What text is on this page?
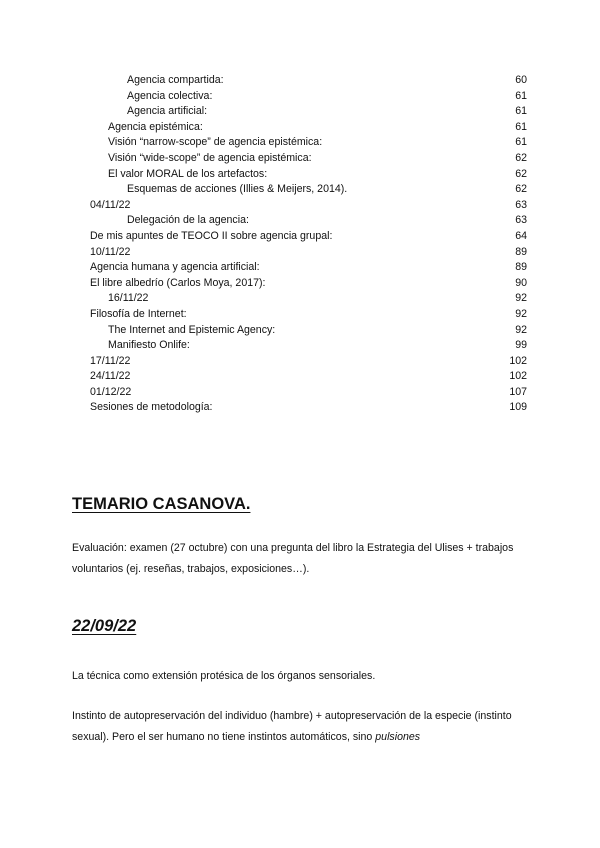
Agencia compartida:	60
Agencia colectiva:	61
Agencia artificial:	61
Agencia epistémica:	61
Visión “narrow-scope” de agencia epistémica:	61
Visión “wide-scope” de agencia epistémica:	62
El valor MORAL de los artefactos:	62
Esquemas de acciones (Illies & Meijers, 2014).	62
04/11/22	63
Delegación de la agencia:	63
De mis apuntes de TEOCO II sobre agencia grupal:	64
10/11/22	89
Agencia humana y agencia artificial:	89
El libre albedrío (Carlos Moya, 2017):	90
16/11/22	92
Filosofía de Internet:	92
The Internet and Epistemic Agency:	92
Manifiesto Onlife:	99
17/11/22	102
24/11/22	102
01/12/22	107
Sesiones de metodología:	109
TEMARIO CASANOVA.

Evaluación: examen (27 octubre) con una pregunta del libro la Estrategia del Ulises + trabajos voluntarios (ej. reseñas, trabajos, exposiciones…).

22/09/22

La técnica como extensión protésica de los órganos sensoriales.

Instinto de autopreservación del individuo (hambre) + autopreservación de la especie (instinto sexual). Pero el ser humano no tiene instintos automáticos, sino pulsiones
